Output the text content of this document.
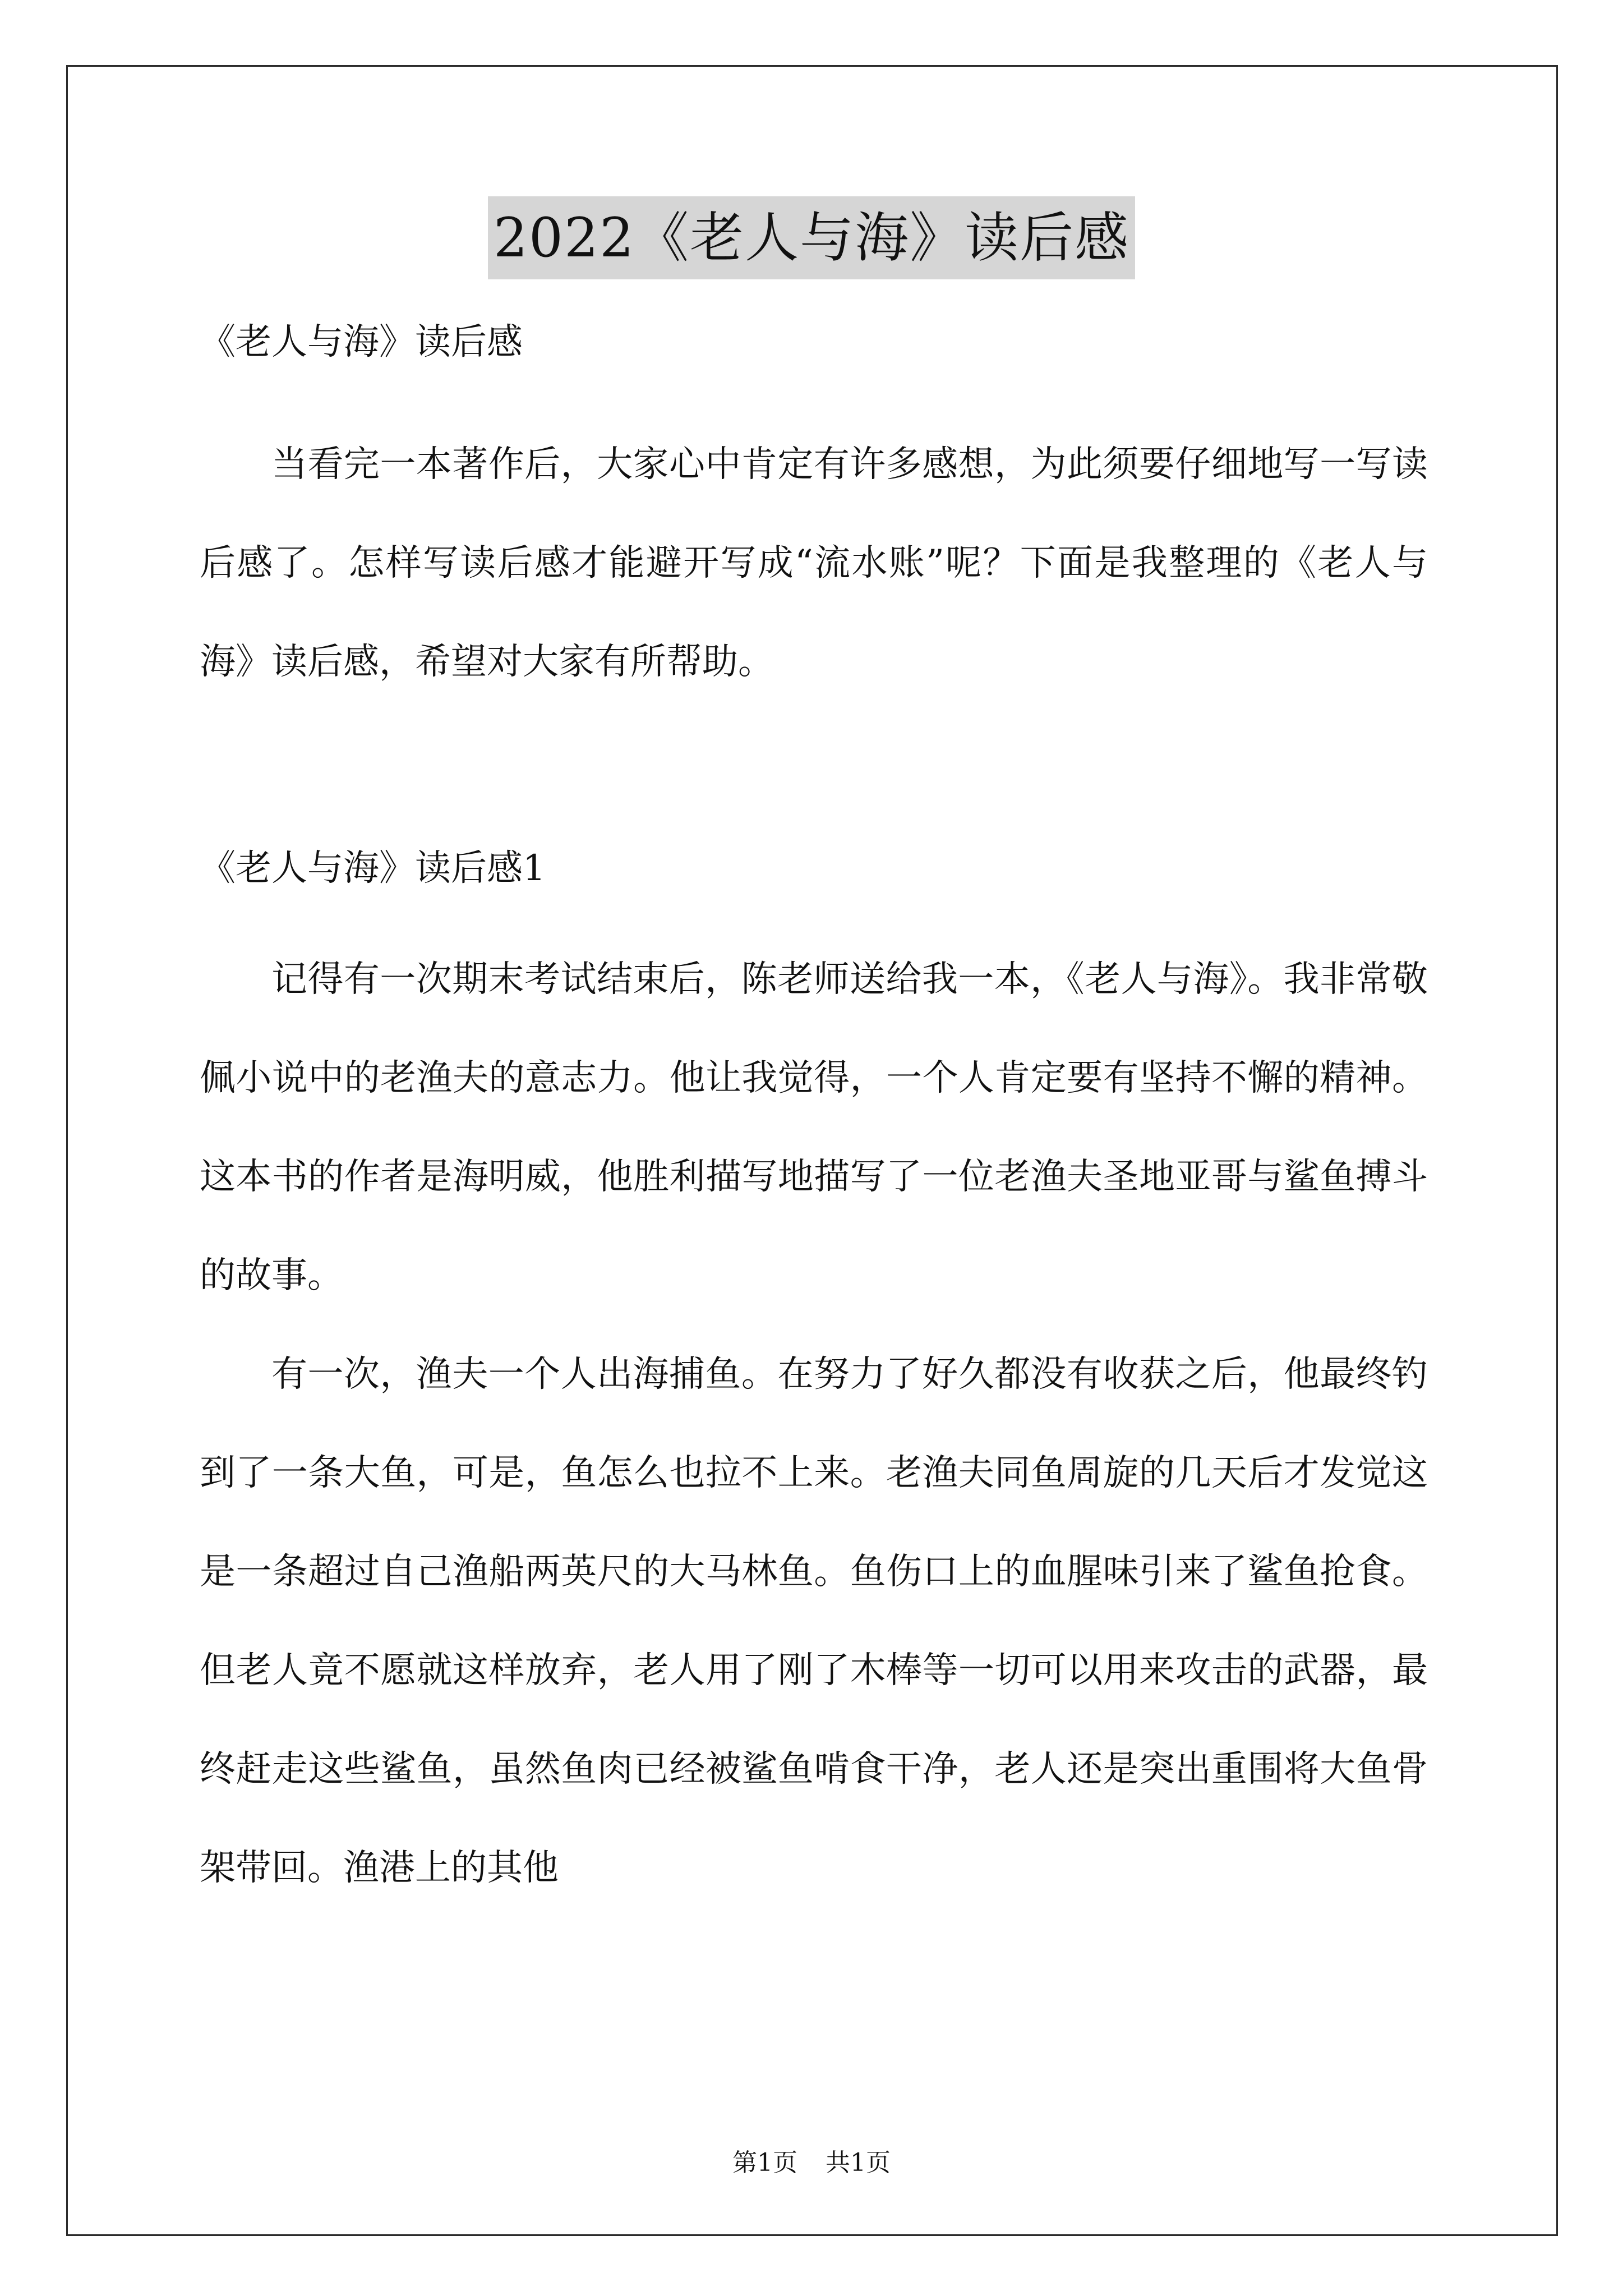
2022《老人与海》读后感

《老人与海》读后感

当看完一本著作后，大家心中肯定有许多感想，为此须要仔细地写一写读后感了。怎样写读后感才能避开写成“流水账”呢？下面是我整理的《老人与海》读后感，希望对大家有所帮助。

《老人与海》读后感1

记得有一次期末考试结束后，陈老师送给我一本，《老人与海》。我非常敬佩小说中的老渔夫的意志力。他让我觉得，一个人肯定要有坚持不懈的精神。这本书的作者是海明威，他胜利描写地描写了一位老渔夫圣地亚哥与鲨鱼搏斗的故事。

有一次，渔夫一个人出海捕鱼。在努力了好久都没有收获之后，他最终钓到了一条大鱼，可是，鱼怎么也拉不上来。老渔夫同鱼周旋的几天后才发觉这是一条超过自己渔船两英尺的大马林鱼。鱼伤口上的血腥味引来了鲨鱼抢食。但老人竟不愿就这样放弃，老人用了刚了木棒等一切可以用来攻击的武器，最终赶走这些鲨鱼，虽然鱼肉已经被鲨鱼啃食干净，老人还是突出重围将大鱼骨架带回。渔港上的其他

第1页 共1页
